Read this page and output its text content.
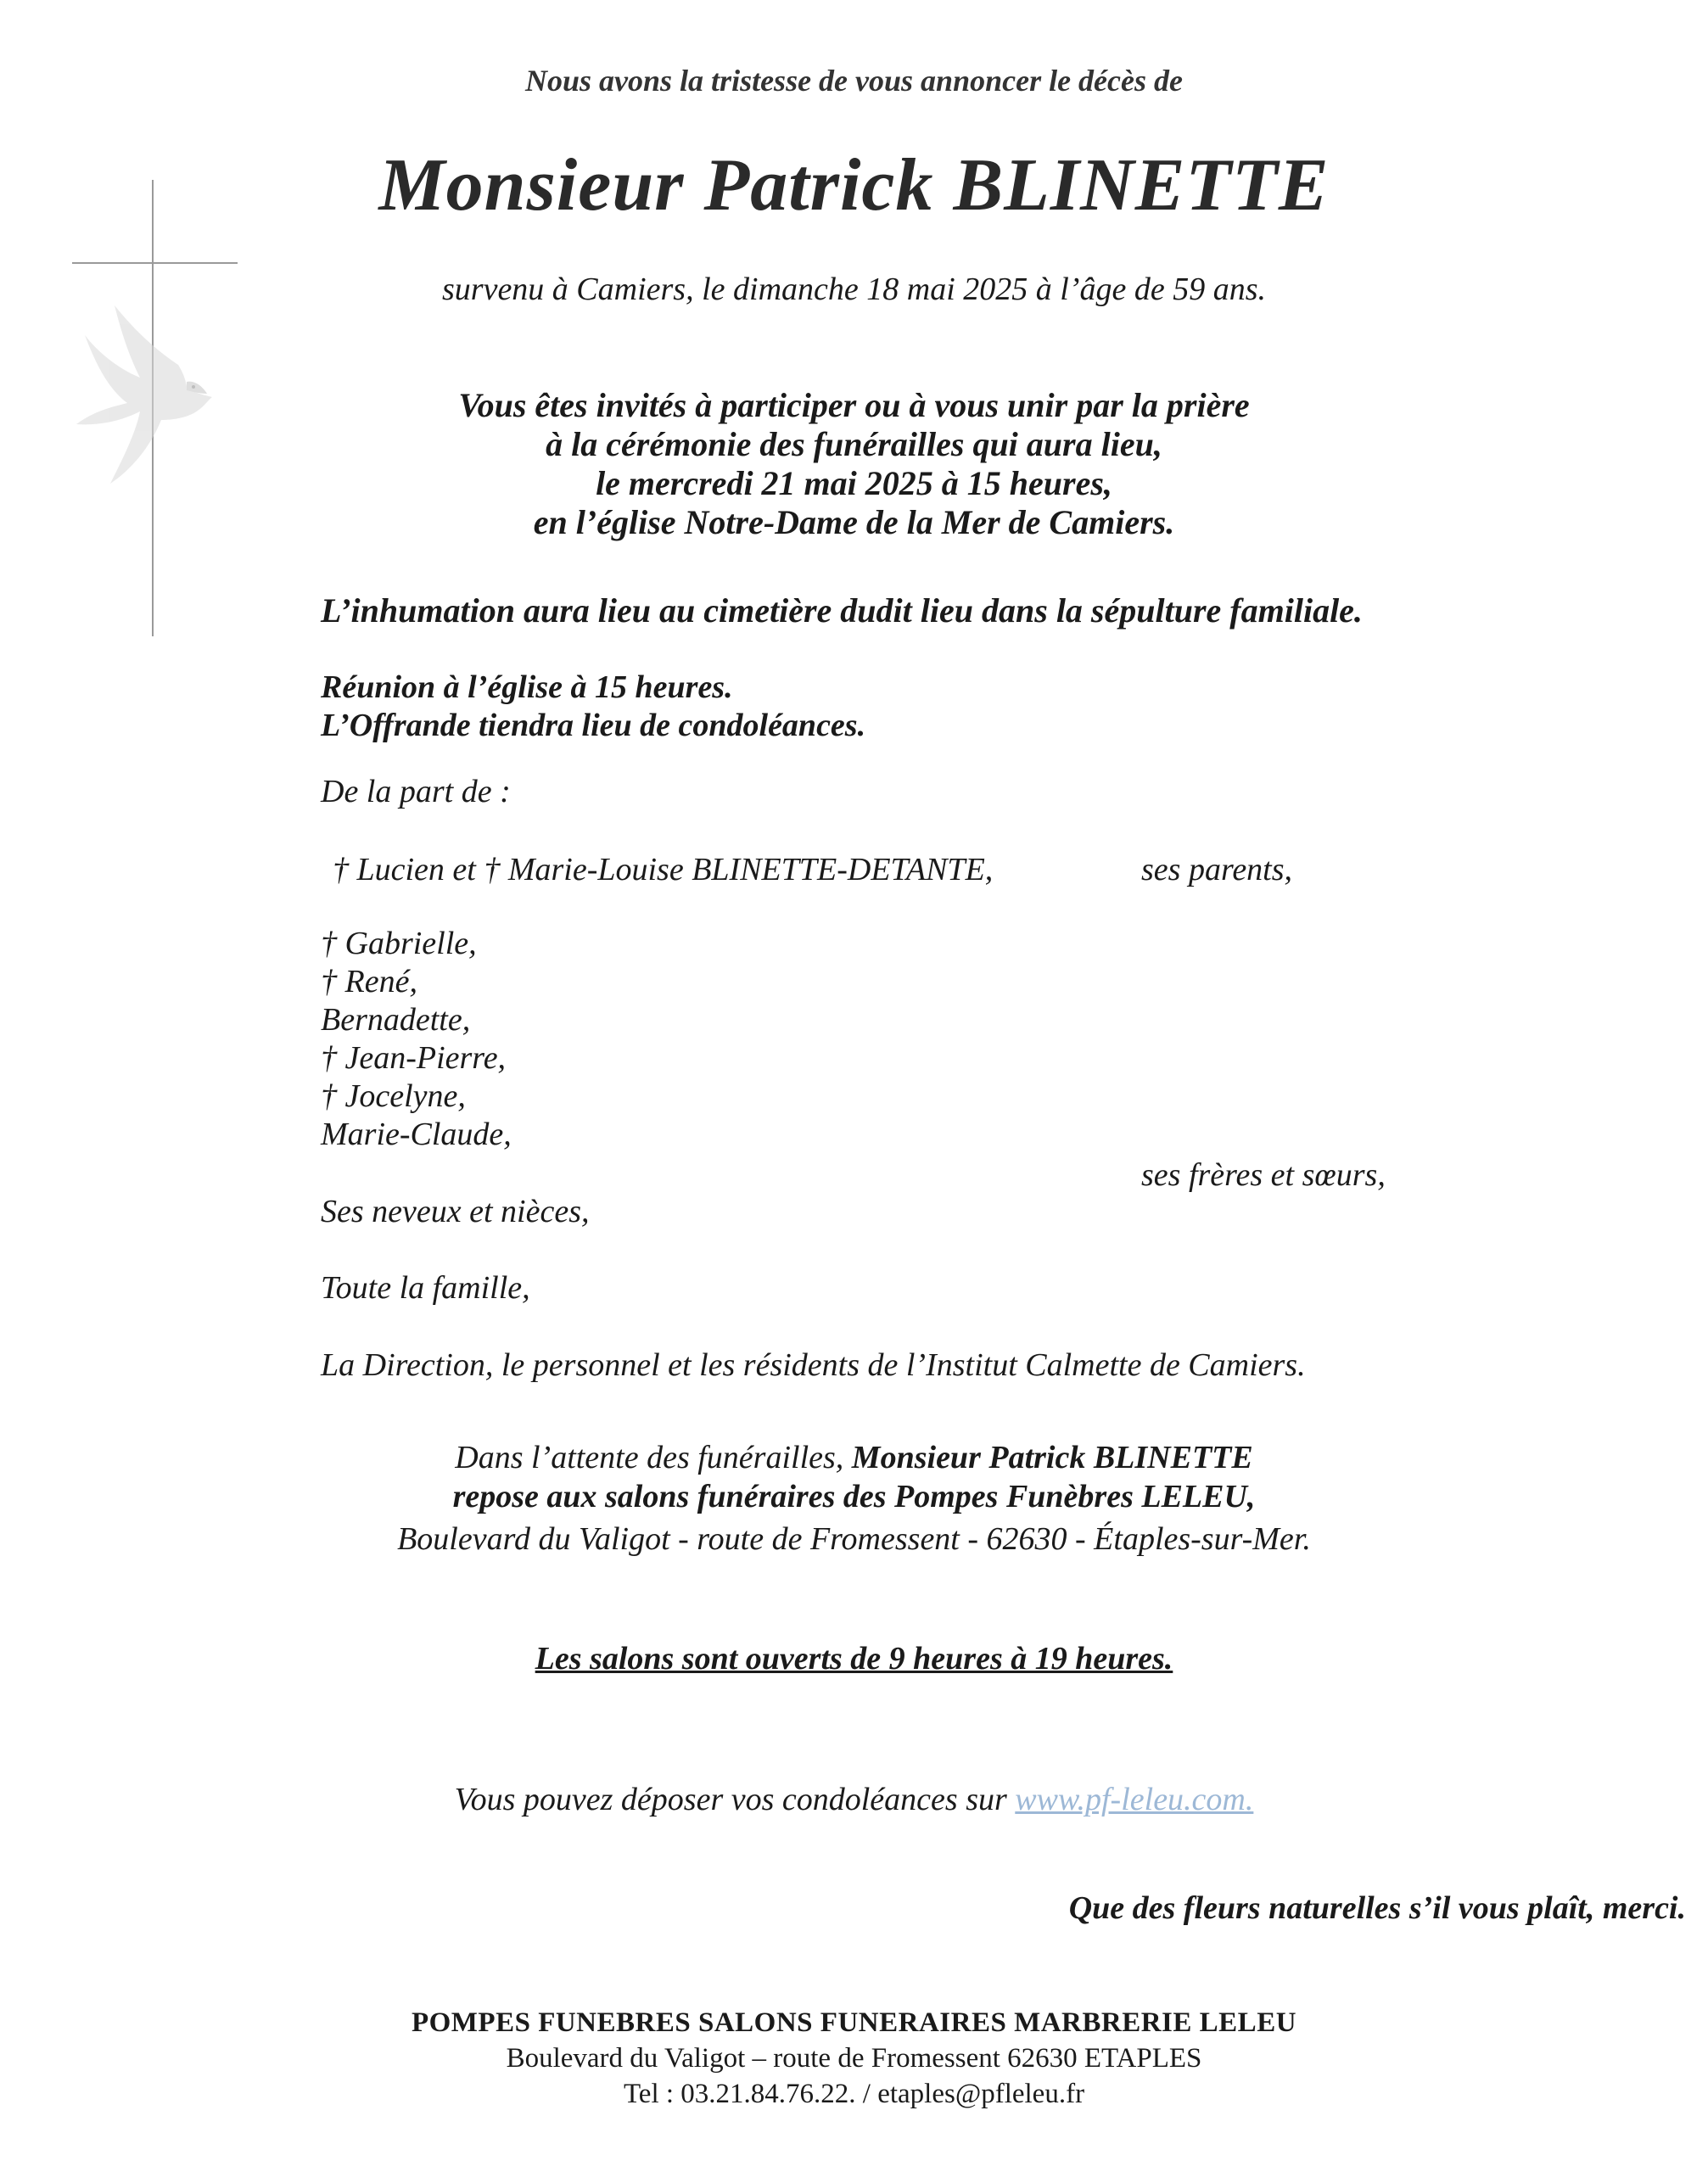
Nous avons la tristesse de vous annoncer le décès de
Monsieur Patrick BLINETTE
survenu à Camiers, le dimanche 18 mai 2025 à l’âge de 59 ans.
Vous êtes invités à participer ou à vous unir par la prière
à la cérémonie des funérailles qui aura lieu,
le mercredi 21 mai 2025 à 15 heures,
en l’église Notre-Dame de la Mer de Camiers.
L’inhumation aura lieu au cimetière dudit lieu dans la sépulture familiale.
Réunion à l’église à 15 heures.
L’Offrande tiendra lieu de condoléances.
De la part de :
† Lucien et † Marie-Louise BLINETTE-DETANTE,	ses parents,
† Gabrielle,
† René,
Bernadette,
† Jean-Pierre,
† Jocelyne,
Marie-Claude,
ses frères et sœurs,
Ses neveux et nièces,
Toute la famille,
La Direction, le personnel et les résidents de l’Institut Calmette de Camiers.
Dans l’attente des funérailles, Monsieur Patrick BLINETTE
repose aux salons funéraires des Pompes Funèbres LELEU,
Boulevard du Valigot - route de Fromessent - 62630 - Étaples-sur-Mer.
Les salons sont ouverts de 9 heures à 19 heures.
Vous pouvez déposer vos condoléances sur www.pf-leleu.com.
Que des fleurs naturelles s’il vous plaît, merci.
POMPES FUNEBRES SALONS FUNERAIRES MARBRERIE LELEU
Boulevard du Valigot – route de Fromessent 62630 ETAPLES
Tel : 03.21.84.76.22. / etaples@pfleleu.fr
